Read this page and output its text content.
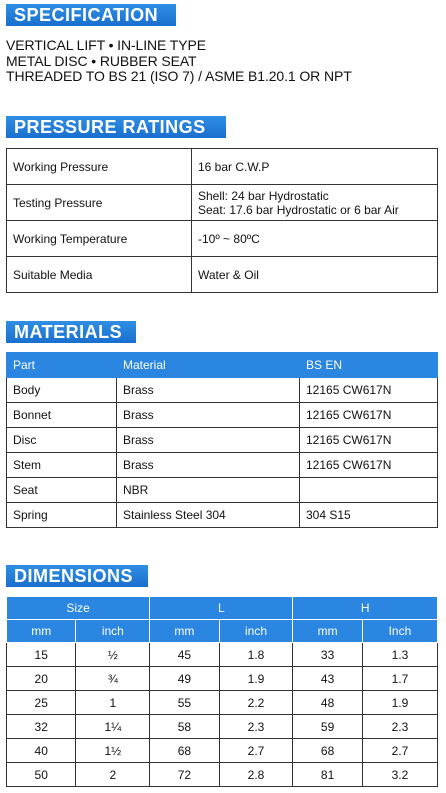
SPECIFICATION
VERTICAL LIFT • IN-LINE TYPE
METAL DISC • RUBBER SEAT
THREADED TO BS 21 (ISO 7) / ASME B1.20.1 OR NPT
PRESSURE RATINGS
Working Pressure	16 bar C.W.P

Testing Pressure	Shell: 24 bar Hydrostatic
Seat: 17.6 bar Hydrostatic or 6 bar Air

Working Temperature	-10º ~ 80ºC

Suitable Media	Water & Oil
MATERIALS
Part	Material	BS EN
Body	Brass	12165 CW617N
Bonnet	Brass	12165 CW617N
Disc	Brass	12165 CW617N
Stem	Brass	12165 CW617N
Seat	NBR	
Spring	Stainless Steel 304	304 S15
DIMENSIONS
Size		L		H	
mm	inch	mm	inch	mm	Inch
15	½	45	1.8	33	1.3
20	¾	49	1.9	43	1.7
25	1	55	2.2	48	1.9
32	1¼	58	2.3	59	2.3
40	1½	68	2.7	68	2.7
50	2	72	2.8	81	3.2
